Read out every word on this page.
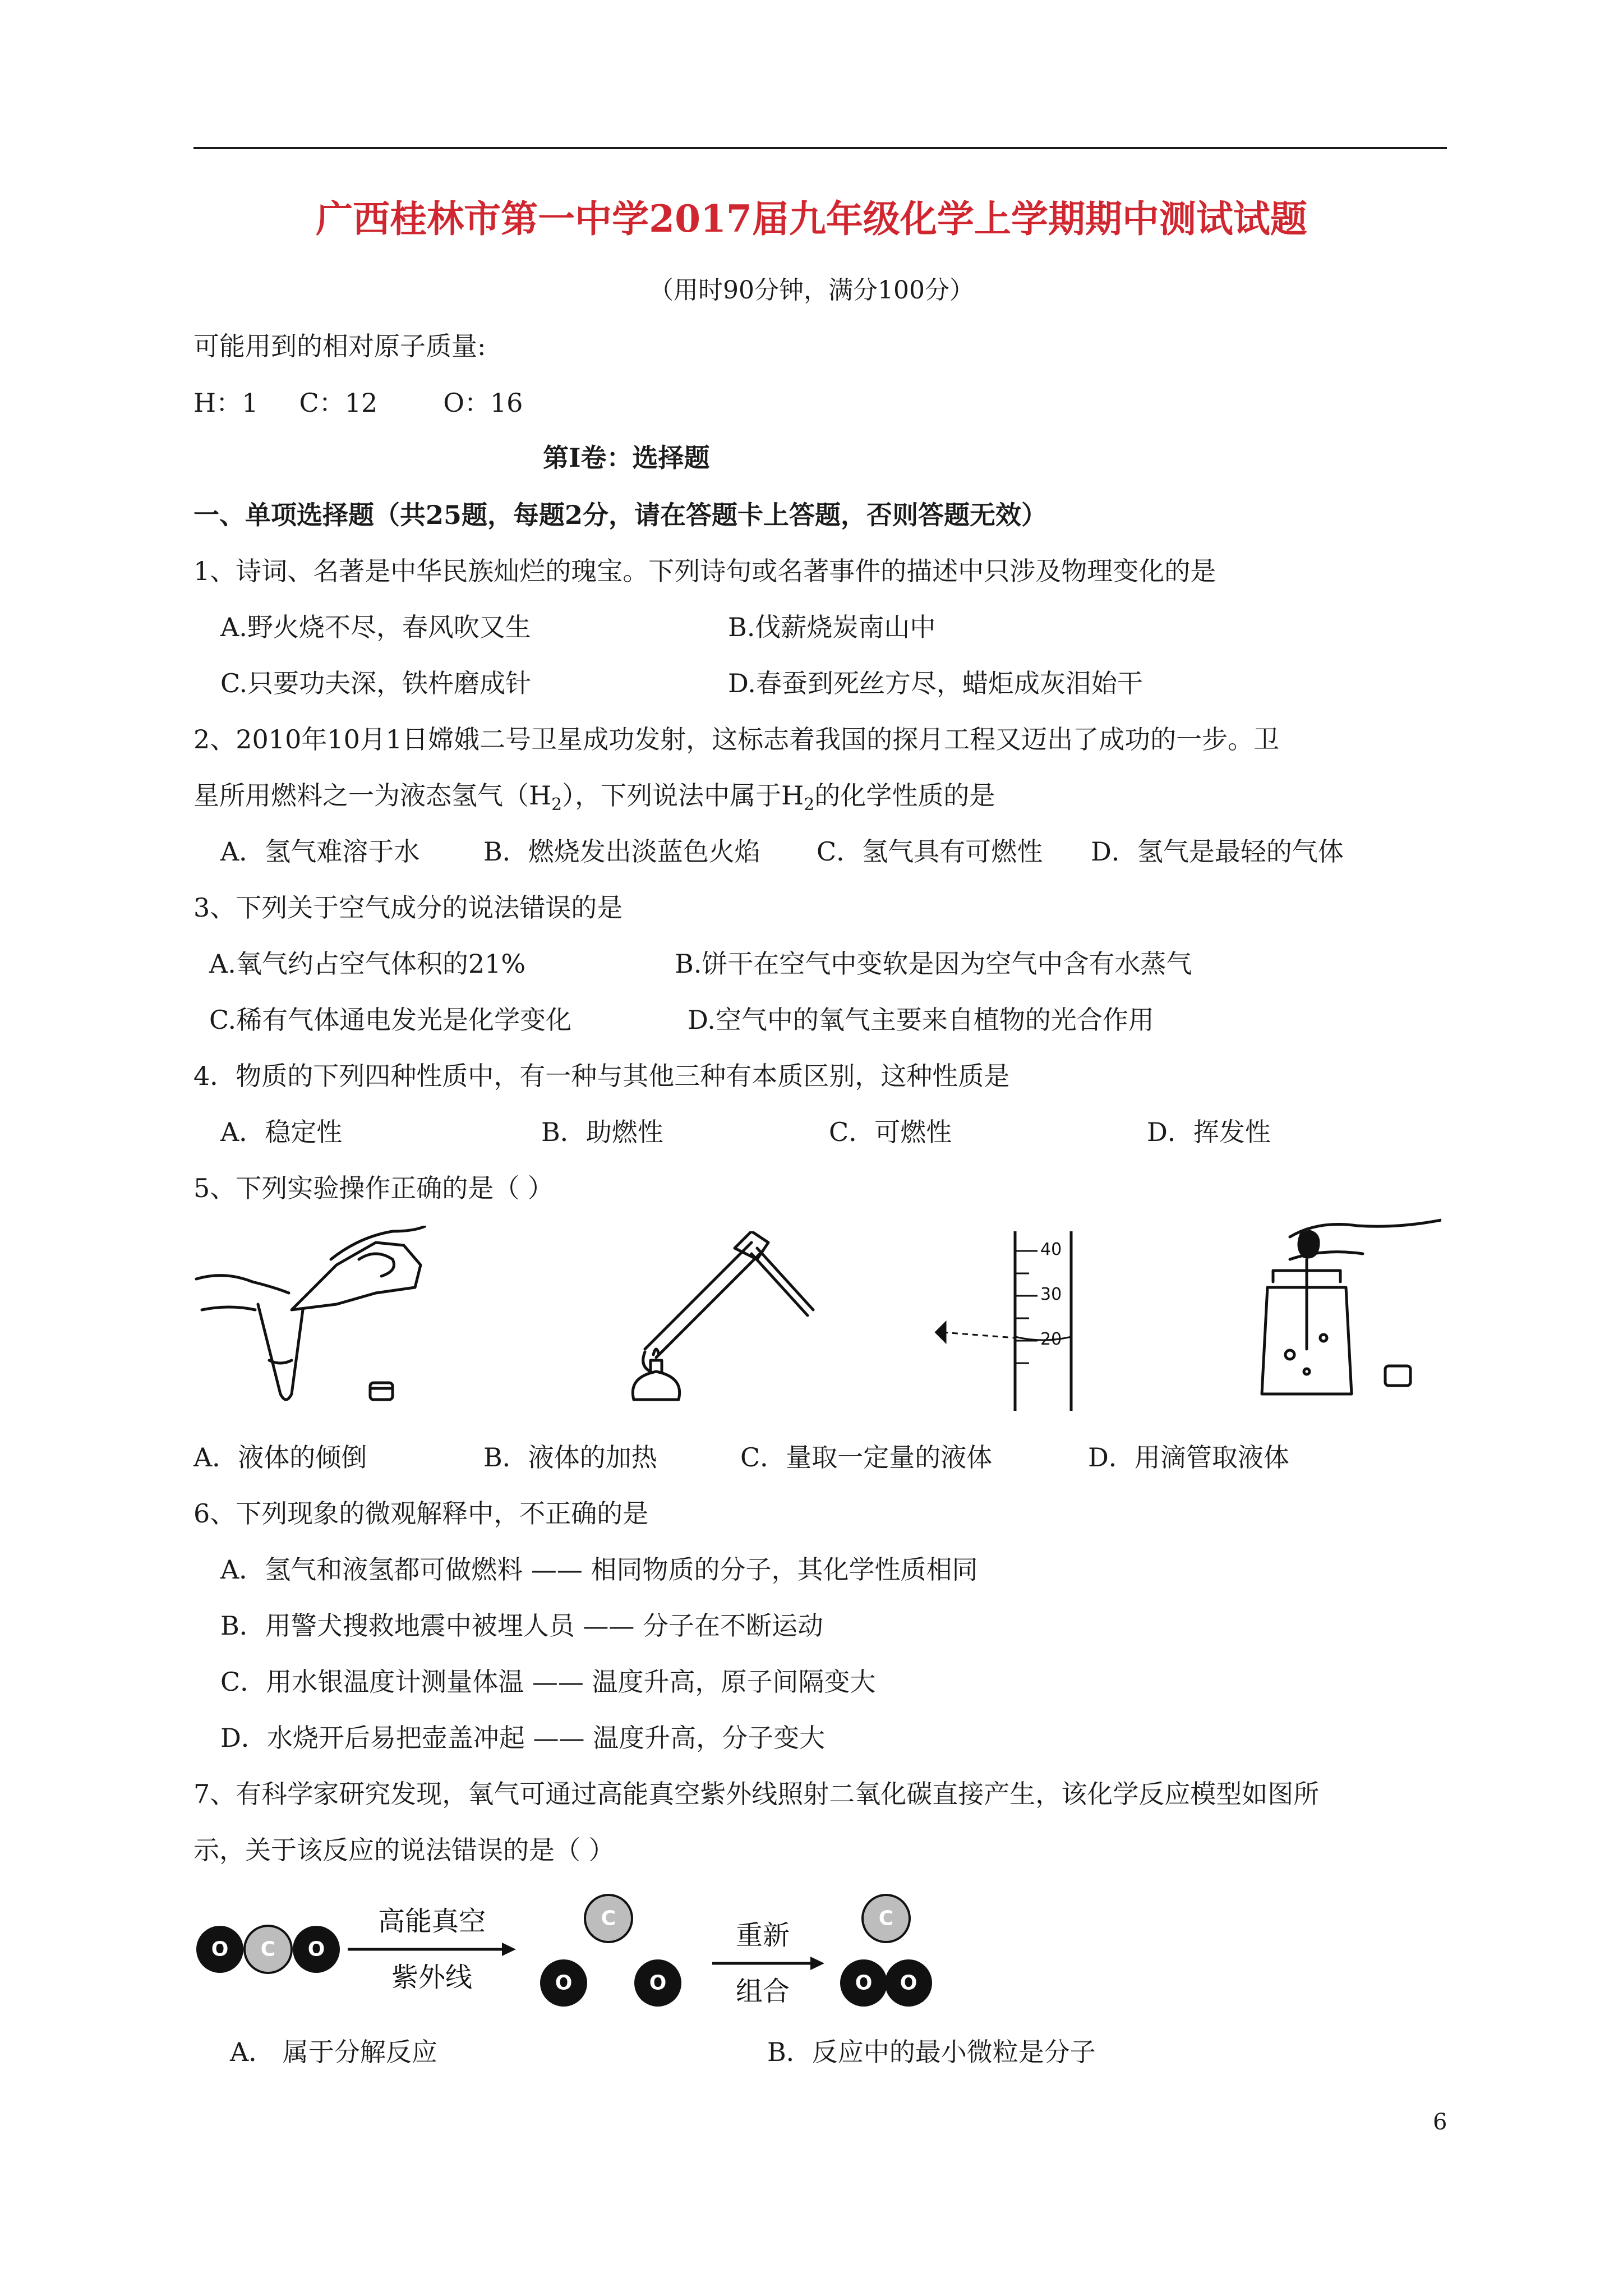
广西桂林市第一中学2017届九年级化学上学期期中测试试题
（用时90分钟，满分100分）
可能用到的相对原子质量:
H：1     C：12        O：16
第Ⅰ卷：选择题
一、单项选择题（共25题，每题2分，请在答题卡上答题，否则答题无效）
1、诗词、名著是中华民族灿烂的瑰宝。下列诗句或名著事件的描述中只涉及物理变化的是
A.野火烧不尽，春风吹又生	B.伐薪烧炭南山中
C.只要功夫深，铁杵磨成针	D.春蚕到死丝方尽，蜡炬成灰泪始干
2、2010年10月1日嫦娥二号卫星成功发射，这标志着我国的探月工程又迈出了成功的一步。卫
星所用燃料之一为液态氢气$(H_2)$，下列说法中属于$H_2$的化学性质的是
A．氢气难溶于水 B．燃烧发出淡蓝色火焰 C．氢气具有可燃性 D．氢气是最轻的气体
3、下列关于空气成分的说法错误的是
A.氧气约占空气体积的21%	B.饼干在空气中变软是因为空气中含有水蒸气
C.稀有气体通电发光是化学变化	D.空气中的氧气主要来自植物的光合作用
4．物质的下列四种性质中，有一种与其他三种有本质区别，这种性质是
A．稳定性	B．助燃性	C．可燃性	D．挥发性
5、下列实验操作正确的是（ ）
40
30
20
A．液体的倾倒	B．液体的加热	C．量取一定量的液体	D．用滴管取液体
6、下列现象的微观解释中，不正确的是
A．氢气和液氢都可做燃料 —— 相同物质的分子，其化学性质相同
B．用警犬搜救地震中被埋人员 —— 分子在不断运动
C．用水银温度计测量体温 —— 温度升高，原子间隔变大
D．水烧开后易把壶盖冲起 —— 温度升高，分子变大
7、有科学家研究发现，氧气可通过高能真空紫外线照射二氧化碳直接产生，该化学反应模型如图所
示，关于该反应的说法错误的是（ ）
O C O
高能真空
紫外线
C
O	O
重新
组合
C
O O
A． 属于分解反应	B．反应中的最小微粒是分子
6
